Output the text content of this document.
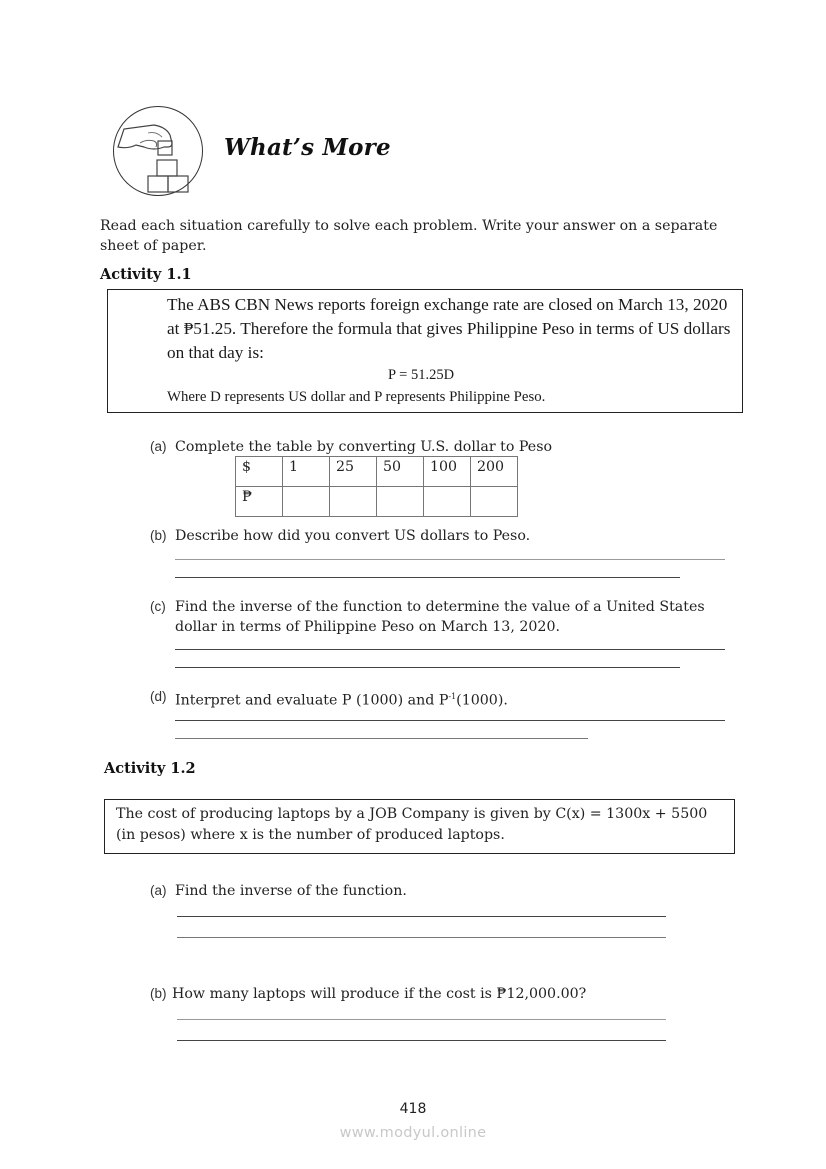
What’s More
Read each situation carefully to solve each problem. Write your answer on a separate sheet of paper.
Activity 1.1
The ABS CBN News reports foreign exchange rate are closed on March 13, 2020 at ₱51.25. Therefore the formula that gives Philippine Peso in terms of US dollars on that day is:
P = 51.25D
Where D represents US dollar and P represents Philippine Peso.
(a) Complete the table by converting U.S. dollar to Peso
$	1	25	50	100	200
₱					
(b) Describe how did you convert US dollars to Peso.
(c) Find the inverse of the function to determine the value of a United States dollar in terms of Philippine Peso on March 13, 2020.
(d) Interpret and evaluate P (1000) and $P^{-1}(1000)$.
Activity 1.2
The cost of producing laptops by a JOB Company is given by C(x) = 1300x + 5500 (in pesos) where x is the number of produced laptops.
(a) Find the inverse of the function.
(b) How many laptops will produce if the cost is ₱12,000.00?
418
www.modyul.online
